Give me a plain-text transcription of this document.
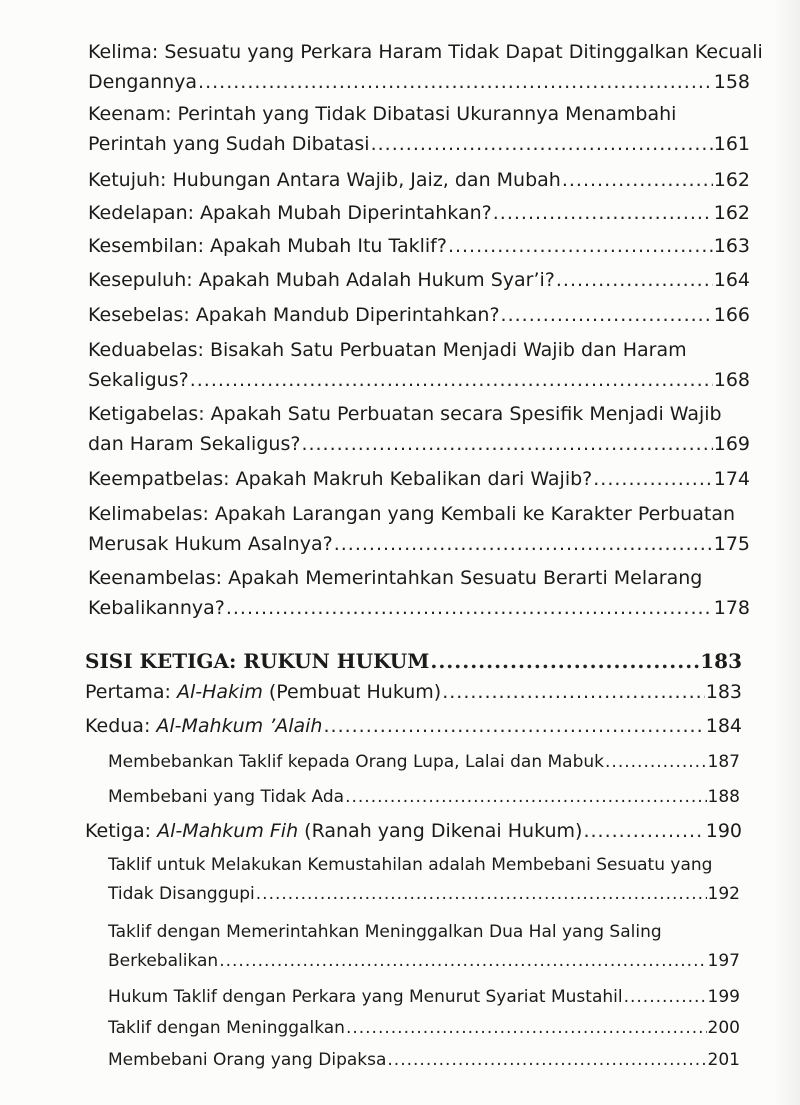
Kelima: Sesuatu yang Perkara Haram Tidak Dapat Ditinggalkan Kecuali
Dengannya .....	158
Keenam: Perintah yang Tidak Dibatasi Ukurannya Menambahi
Perintah yang Sudah Dibatasi .....	161
Ketujuh: Hubungan Antara Wajib, Jaiz, dan Mubah .....	162
Kedelapan: Apakah Mubah Diperintahkan? .....	162
Kesembilan: Apakah Mubah Itu Taklif? .....	163
Kesepuluh: Apakah Mubah Adalah Hukum Syar’i? .....	164
Kesebelas: Apakah Mandub Diperintahkan? .....	166
Keduabelas: Bisakah Satu Perbuatan Menjadi Wajib dan Haram
Sekaligus? .....	168
Ketigabelas: Apakah Satu Perbuatan secara Spesifik Menjadi Wajib
dan Haram Sekaligus? .....	169
Keempatbelas: Apakah Makruh Kebalikan dari Wajib? .....	174
Kelimabelas: Apakah Larangan yang Kembali ke Karakter Perbuatan
Merusak Hukum Asalnya? .....	175
Keenambelas: Apakah Memerintahkan Sesuatu Berarti Melarang
Kebalikannya? .....	178
SISI KETIGA: RUKUN HUKUM .....	183
Pertama: Al-Hakim (Pembuat Hukum) .....	183
Kedua: Al-Mahkum ’Alaih .....	184
Membebankan Taklif kepada Orang Lupa, Lalai dan Mabuk .....	187
Membebani yang Tidak Ada .....	188
Ketiga: Al-Mahkum Fih (Ranah yang Dikenai Hukum) .....	190
Taklif untuk Melakukan Kemustahilan adalah Membebani Sesuatu yang
Tidak Disanggupi .....	192
Taklif dengan Memerintahkan Meninggalkan Dua Hal yang Saling
Berkebalikan .....	197
Hukum Taklif dengan Perkara yang Menurut Syariat Mustahil .....	199
Taklif dengan Meninggalkan .....	200
Membebani Orang yang Dipaksa .....	201
